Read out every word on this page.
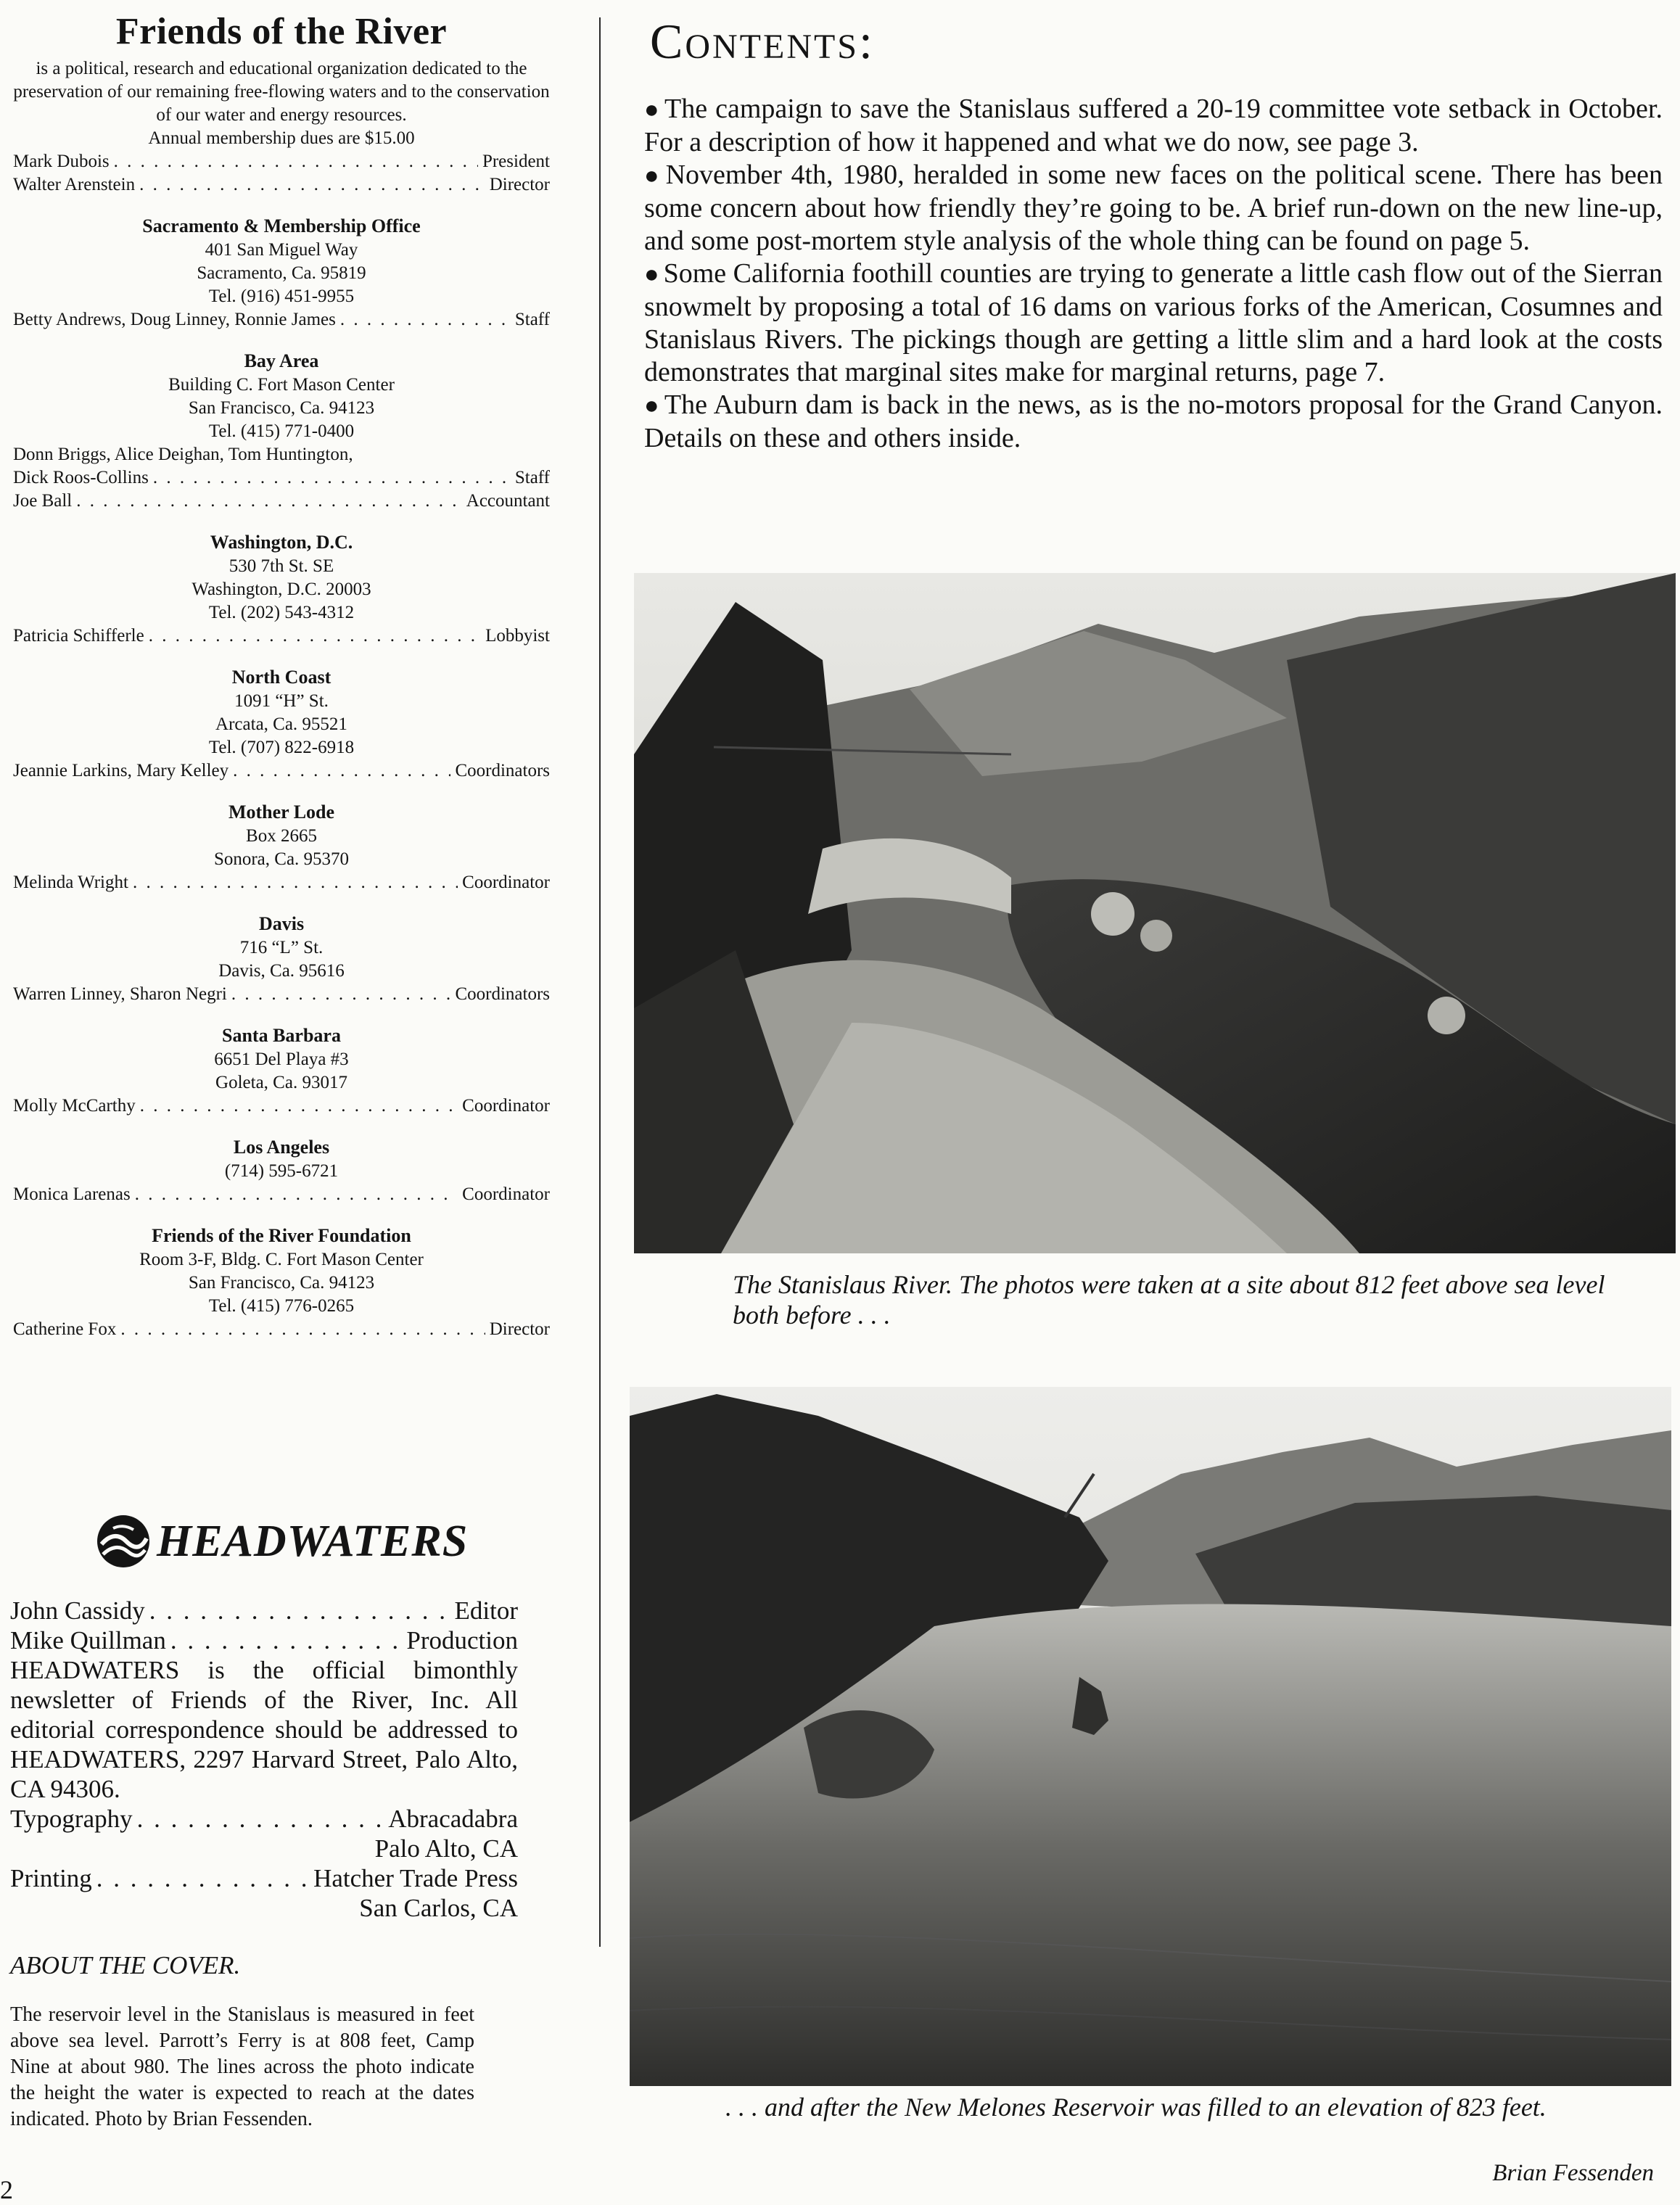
Friends of the River
is a political, research and educational organization dedicated to the preservation of our remaining free-flowing waters and to the conservation of our water and energy resources.
Annual membership dues are $15.00
Mark Dubois . . .	President
Walter Arenstein . . .	Director
Sacramento & Membership Office
401 San Miguel Way
Sacramento, Ca. 95819
Tel. (916) 451-9955
Betty Andrews, Doug Linney, Ronnie James . . .	Staff
Bay Area
Building C. Fort Mason Center
San Francisco, Ca. 94123
Tel. (415) 771-0400
Donn Briggs, Alice Deighan, Tom Huntington,
Dick Roos-Collins . . .	Staff
Joe Ball . . .	Accountant
Washington, D.C.
530 7th St. SE
Washington, D.C. 20003
Tel. (202) 543-4312
Patricia Schifferle . . .	Lobbyist
North Coast
1091 “H” St.
Arcata, Ca. 95521
Tel. (707) 822-6918
Jeannie Larkins, Mary Kelley . . .	Coordinators
Mother Lode
Box 2665
Sonora, Ca. 95370
Melinda Wright . . .	Coordinator
Davis
716 “L” St.
Davis, Ca. 95616
Warren Linney, Sharon Negri . . .	Coordinators
Santa Barbara
6651 Del Playa #3
Goleta, Ca. 93017
Molly McCarthy . . .	Coordinator
Los Angeles
(714) 595-6721
Monica Larenas . . .	Coordinator
Friends of the River Foundation
Room 3-F, Bldg. C. Fort Mason Center
San Francisco, Ca. 94123
Tel. (415) 776-0265
Catherine Fox . . .	Director
HEADWATERS
John Cassidy . . .	Editor
Mike Quillman . . .	Production
HEADWATERS is the official bimonthly newsletter of Friends of the River, Inc. All editorial correspondence should be addressed to HEADWATERS, 2297 Harvard Street, Palo Alto, CA 94306.
Typography . . .	Abracadabra
Palo Alto, CA
Printing . . .	Hatcher Trade Press
San Carlos, CA
ABOUT THE COVER.
The reservoir level in the Stanislaus is measured in feet above sea level. Parrott’s Ferry is at 808 feet, Camp Nine at about 980. The lines across the photo indicate the height the water is expected to reach at the dates indicated. Photo by Brian Fessenden.
Contents:

● The campaign to save the Stanislaus suffered a 20-19 committee vote setback in October. For a description of how it happened and what we do now, see page 3.

● November 4th, 1980, heralded in some new faces on the political scene. There has been some concern about how friendly they’re going to be. A brief run-down on the new line-up, and some post-mortem style analysis of the whole thing can be found on page 5.

● Some California foothill counties are trying to generate a little cash flow out of the Sierran snowmelt by proposing a total of 16 dams on various forks of the American, Cosumnes and Stanislaus Rivers. The pickings though are getting a little slim and a hard look at the costs demonstrates that marginal sites make for marginal returns, page 7.

● The Auburn dam is back in the news, as is the no-motors proposal for the Grand Canyon. Details on these and others inside.

The Stanislaus River. The photos were taken at a site about 812 feet above sea level both before . . .
. . . and after the New Melones Reservoir was filled to an elevation of 823 feet.
Brian Fessenden
2
